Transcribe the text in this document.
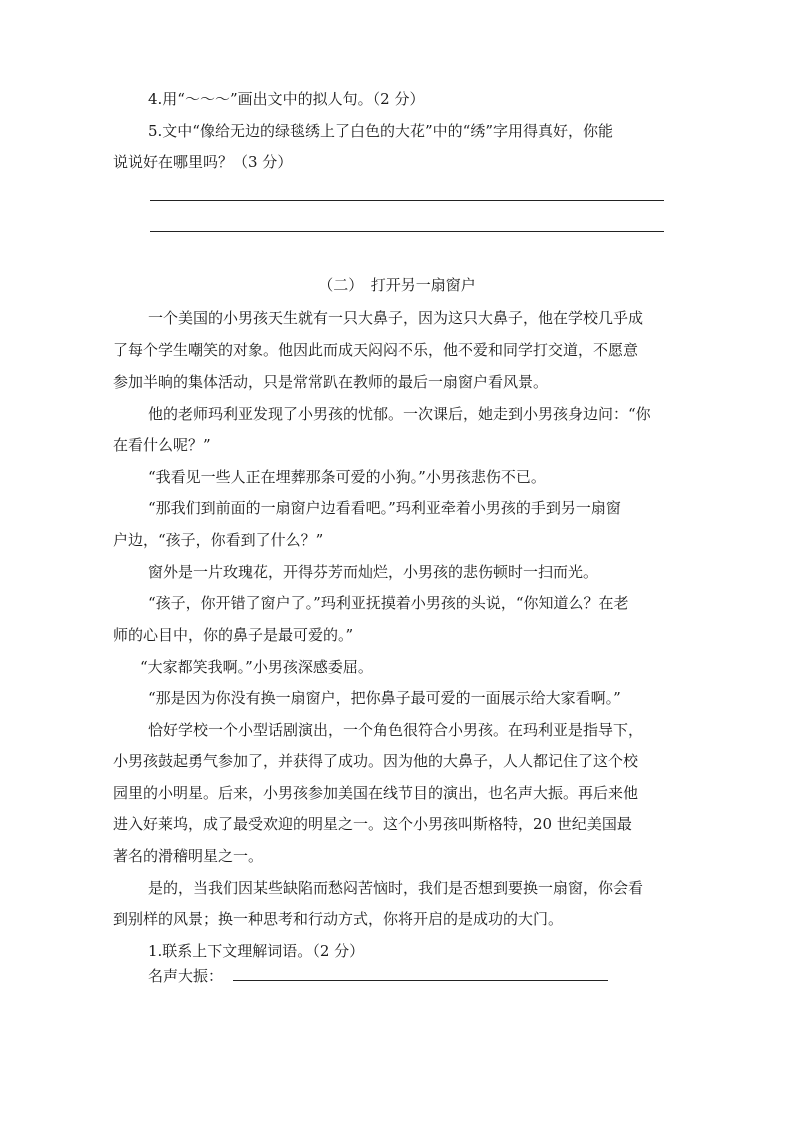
4.用“～～～”画出文中的拟人句。（2 分）
5.文中“像给无边的绿毯绣上了白色的大花”中的“绣”字用得真好，你能
说说好在哪里吗？（3 分）
（二）　打开另一扇窗户
一个美国的小男孩天生就有一只大鼻子，因为这只大鼻子，他在学校几乎成
了每个学生嘲笑的对象。他因此而成天闷闷不乐，他不爱和同学打交道，不愿意
参加半晌的集体活动，只是常常趴在教师的最后一扇窗户看风景。
他的老师玛利亚发现了小男孩的忧郁。一次课后，她走到小男孩身边问：“你
在看什么呢？”
“我看见一些人正在埋葬那条可爱的小狗。”小男孩悲伤不已。
“那我们到前面的一扇窗户边看看吧。”玛利亚牵着小男孩的手到另一扇窗
户边，“孩子，你看到了什么？”
窗外是一片玫瑰花，开得芬芳而灿烂，小男孩的悲伤顿时一扫而光。
“孩子，你开错了窗户了。”玛利亚抚摸着小男孩的头说，“你知道么？在老
师的心目中，你的鼻子是最可爱的。”
“大家都笑我啊。”小男孩深感委屈。
“那是因为你没有换一扇窗户，把你鼻子最可爱的一面展示给大家看啊。”
恰好学校一个小型话剧演出，一个角色很符合小男孩。在玛利亚是指导下，
小男孩鼓起勇气参加了，并获得了成功。因为他的大鼻子，人人都记住了这个校
园里的小明星。后来，小男孩参加美国在线节目的演出，也名声大振。再后来他
进入好莱坞，成了最受欢迎的明星之一。这个小男孩叫斯格特，20 世纪美国最
著名的滑稽明星之一。
是的，当我们因某些缺陷而愁闷苦恼时，我们是否想到要换一扇窗，你会看
到别样的风景；换一种思考和行动方式，你将开启的是成功的大门。
1.联系上下文理解词语。（2 分）
名声大振：
